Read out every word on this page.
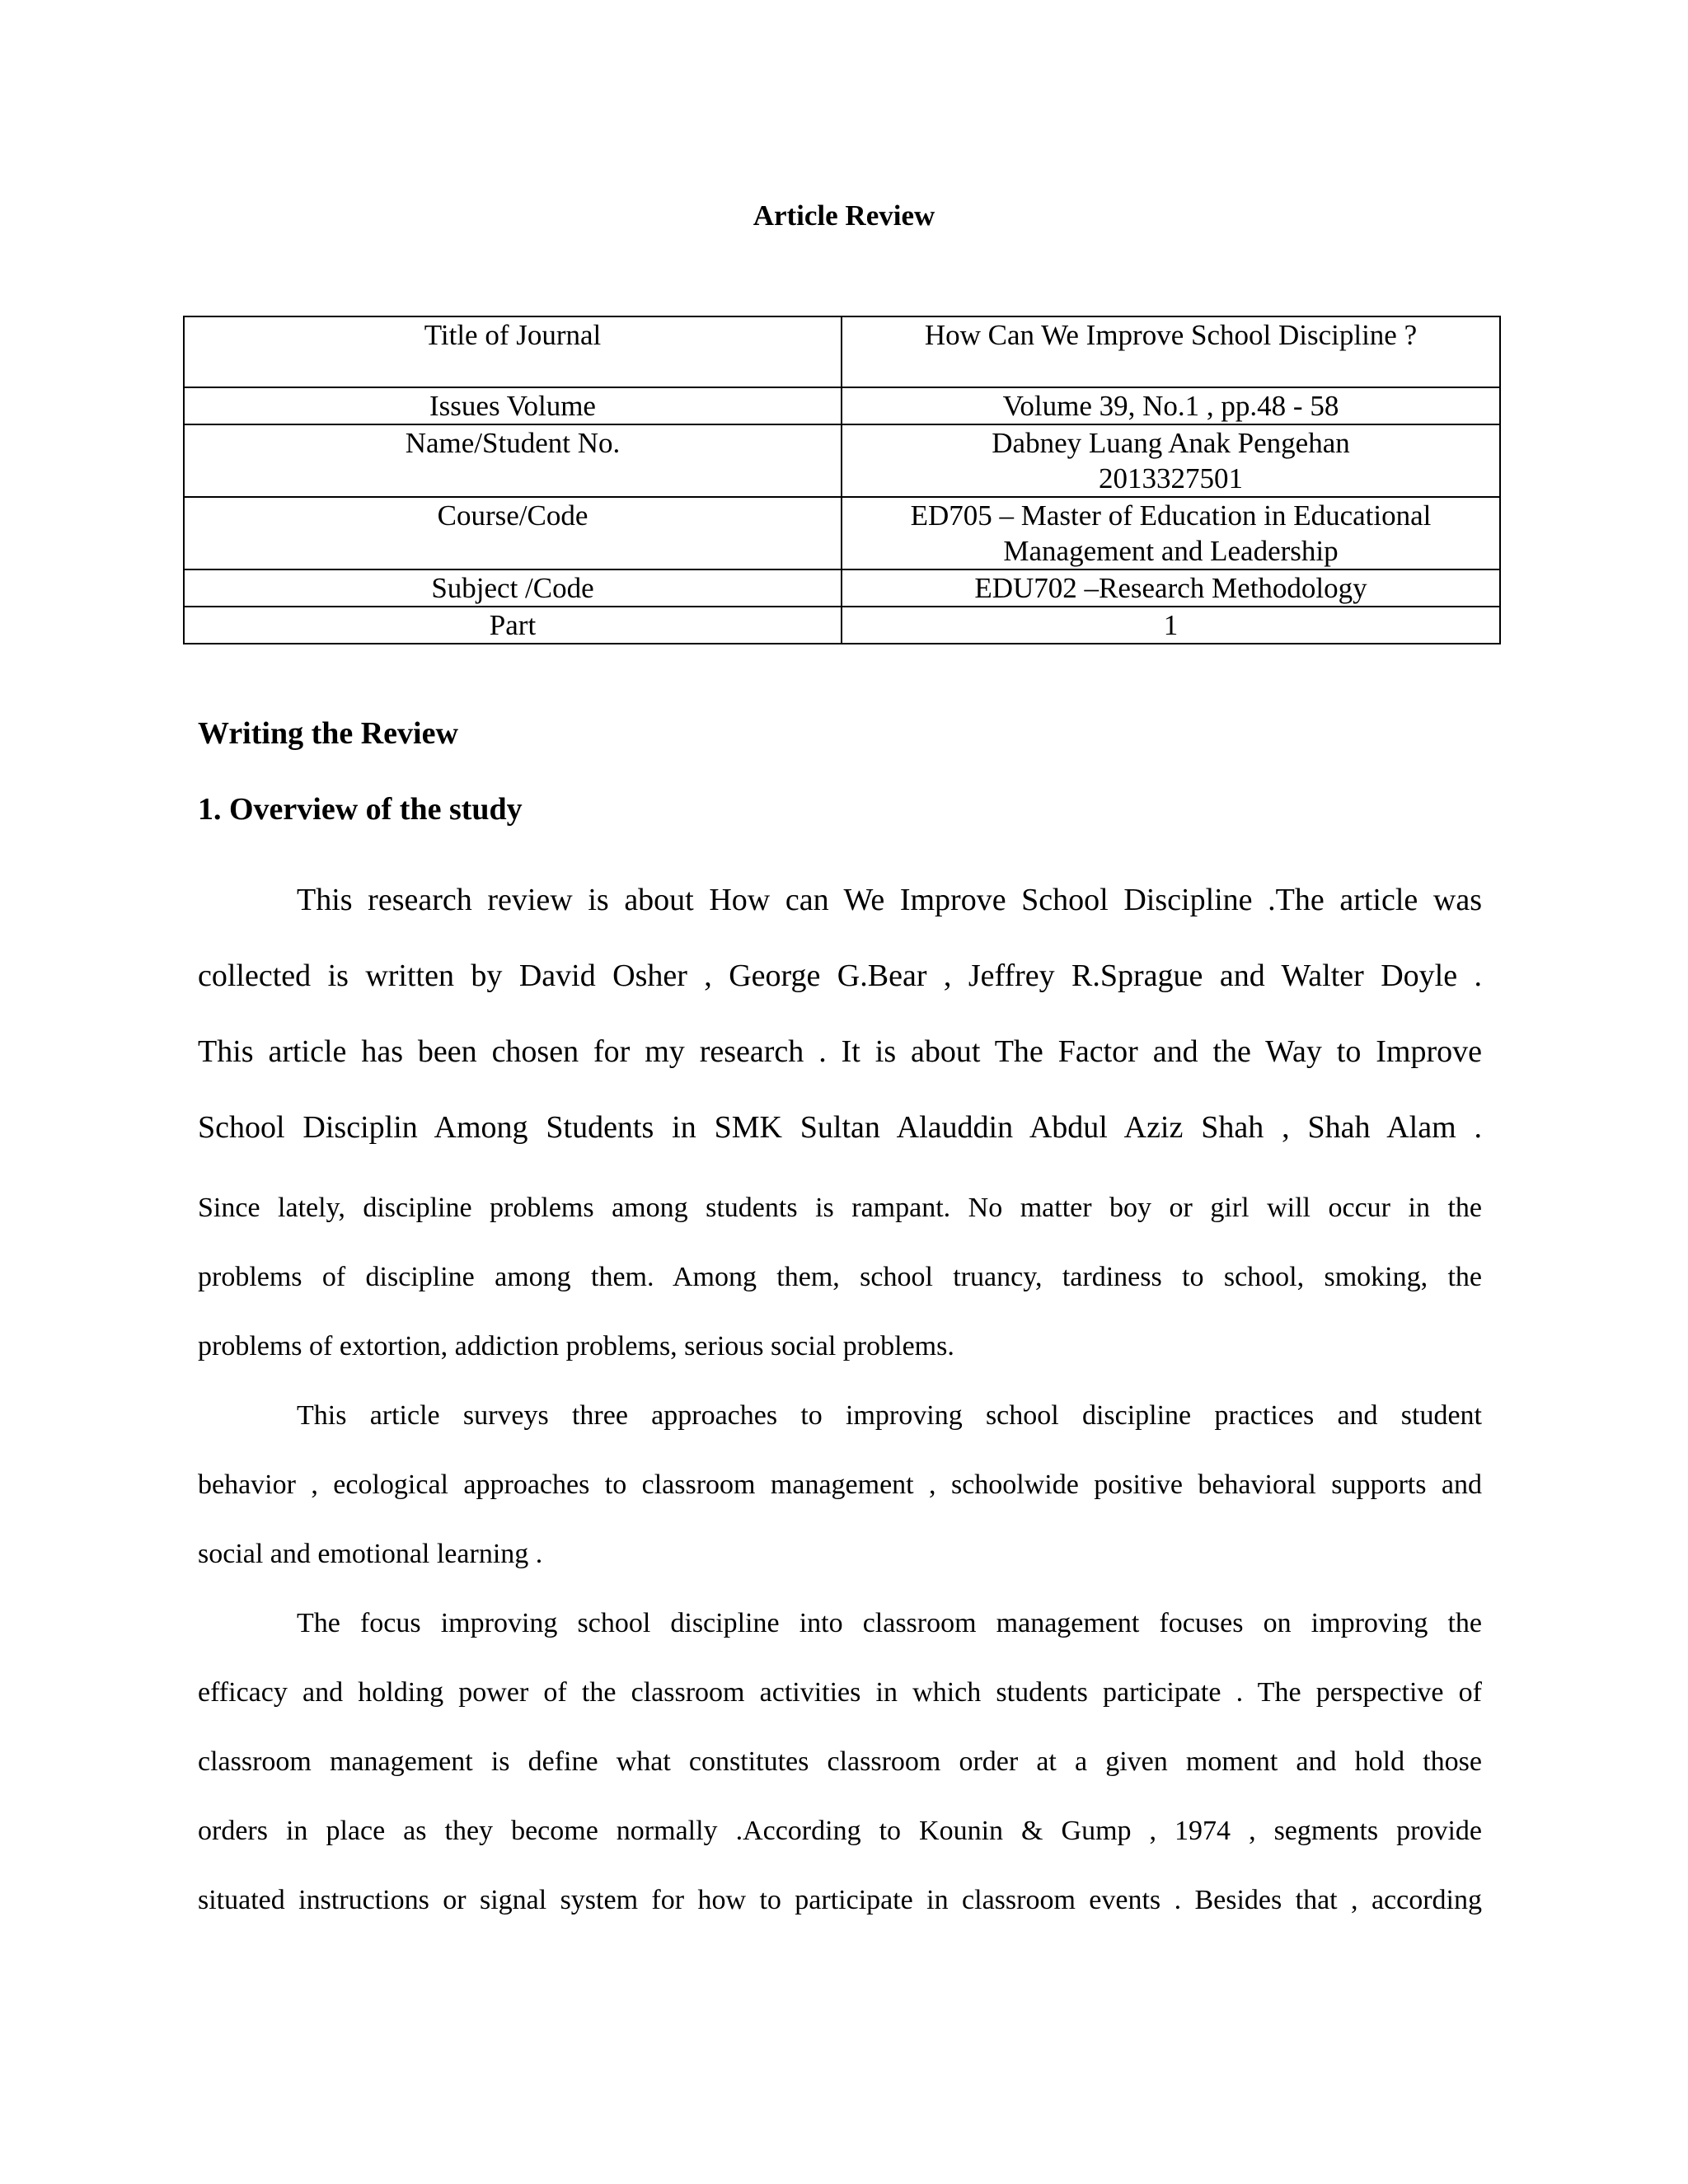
Article Review
Title of Journal	How Can We Improve School Discipline ?
Issues Volume	Volume 39, No.1 , pp.48 - 58
Name/Student No.	Dabney Luang Anak Pengehan
2013327501
Course/Code	ED705 – Master of Education in Educational
Management and Leadership
Subject /Code	EDU702 –Research Methodology
Part	1
Writing the Review
1. Overview of the study
This research review is about How can We Improve School Discipline .The article was
collected is written by David Osher , George G.Bear , Jeffrey R.Sprague and Walter Doyle .
This article has been chosen for my research . It is about The Factor and the Way to Improve
School Disciplin Among Students in SMK Sultan Alauddin Abdul Aziz Shah , Shah Alam .
Since lately, discipline problems among students is rampant. No matter boy or girl will occur in the
problems of discipline among them. Among them, school truancy, tardiness to school, smoking, the
problems of extortion, addiction problems, serious social problems.
This article surveys three approaches to improving school discipline practices and student
behavior , ecological approaches to classroom management , schoolwide positive behavioral supports and
social and emotional learning .
The focus improving school discipline into classroom management focuses on improving the
efficacy and holding power of the classroom activities in which students participate . The perspective of
classroom management is define what constitutes classroom order at a given moment and hold those
orders in place as they become normally .According to Kounin & Gump , 1974 , segments provide
situated instructions or signal system for how to participate in classroom events . Besides that , according
